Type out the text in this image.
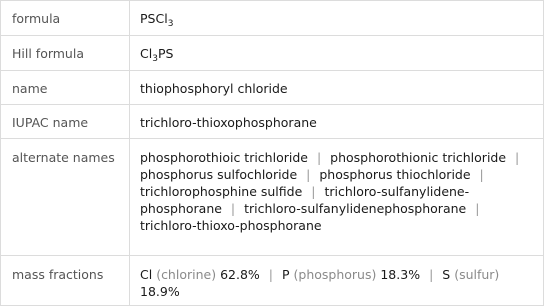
formula	PSCl$_3$

Hill formula	$Cl_3PS$

name	thiophosphoryl chloride

IUPAC name	trichloro-thioxophosphorane

alternate names	phosphorothioic trichloride | phosphorothionic trichloride | phosphorus sulfochloride | phosphorus thiochloride | trichlorophosphine sulfide | trichloro-sulfanylidene-phosphorane | trichloro-sulfanylidenephosphorane | trichloro-thioxo-phosphorane

mass fractions	Cl (chlorine) 62.8% | P (phosphorus) 18.3% | S (sulfur) 18.9%
